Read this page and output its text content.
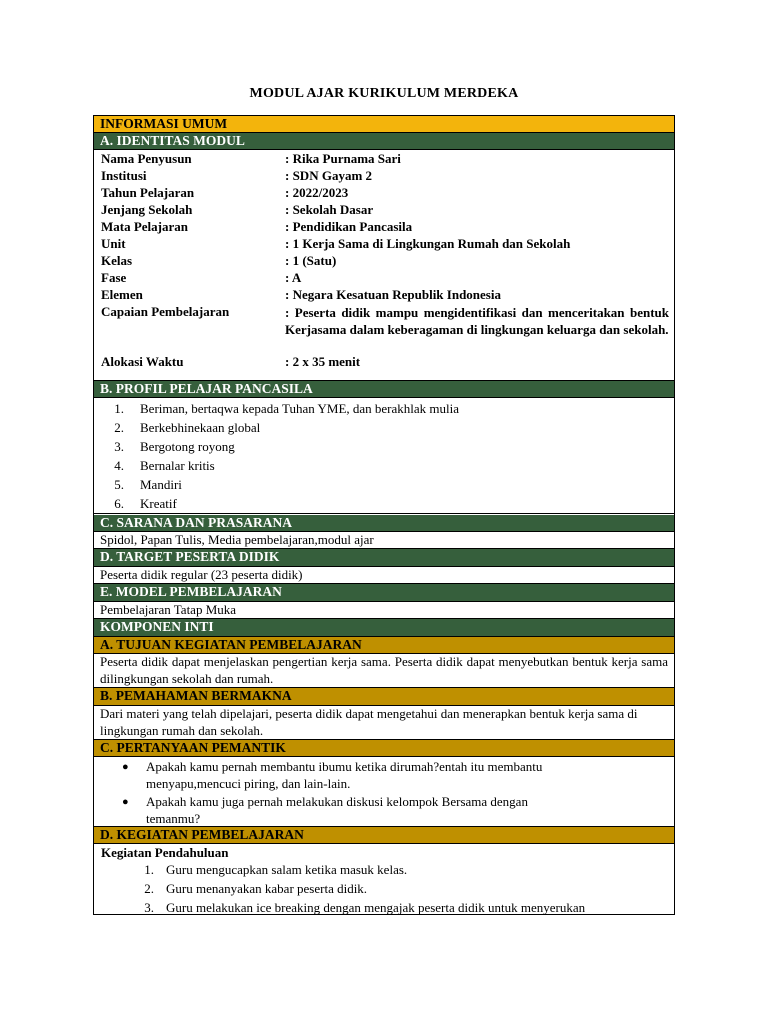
MODUL AJAR KURIKULUM MERDEKA
INFORMASI UMUM
A. IDENTITAS MODUL
Nama Penyusun	: Rika Purnama Sari
Institusi	: SDN Gayam 2
Tahun Pelajaran	: 2022/2023
Jenjang Sekolah	: Sekolah Dasar
Mata Pelajaran	: Pendidikan Pancasila
Unit	: 1 Kerja Sama di Lingkungan Rumah dan Sekolah
Kelas	: 1 (Satu)
Fase	: A
Elemen	: Negara Kesatuan Republik Indonesia
Capaian Pembelajaran	: Peserta didik mampu mengidentifikasi dan menceritakan bentuk Kerjasama dalam keberagaman di lingkungan keluarga dan sekolah.
Alokasi Waktu	: 2 x 35 menit
B. PROFIL PELAJAR PANCASILA
1. Beriman, bertaqwa kepada Tuhan YME, dan berakhlak mulia
2. Berkebhinekaan global
3. Bergotong royong
4. Bernalar kritis
5. Mandiri
6. Kreatif
C. SARANA DAN PRASARANA
Spidol, Papan Tulis, Media pembelajaran,modul ajar
D. TARGET PESERTA DIDIK
Peserta didik regular (23 peserta didik)
E. MODEL PEMBELAJARAN
Pembelajaran Tatap Muka
KOMPONEN INTI
A. TUJUAN KEGIATAN PEMBELAJARAN
Peserta didik dapat menjelaskan pengertian kerja sama. Peserta didik dapat menyebutkan bentuk kerja sama dilingkungan sekolah dan rumah.
B. PEMAHAMAN BERMAKNA
Dari materi yang telah dipelajari, peserta didik dapat mengetahui dan menerapkan bentuk kerja sama di lingkungan rumah dan sekolah.
C. PERTANYAAN PEMANTIK
● Apakah kamu pernah membantu ibumu ketika dirumah?entah itu membantu
menyapu,mencuci piring, dan lain-lain.
● Apakah kamu juga pernah melakukan diskusi kelompok Bersama dengan
temanmu?
D. KEGIATAN PEMBELAJARAN
Kegiatan Pendahuluan
1. Guru mengucapkan salam ketika masuk kelas.
2. Guru menanyakan kabar peserta didik.
3. Guru melakukan ice breaking dengan mengajak peserta didik untuk menyerukan
